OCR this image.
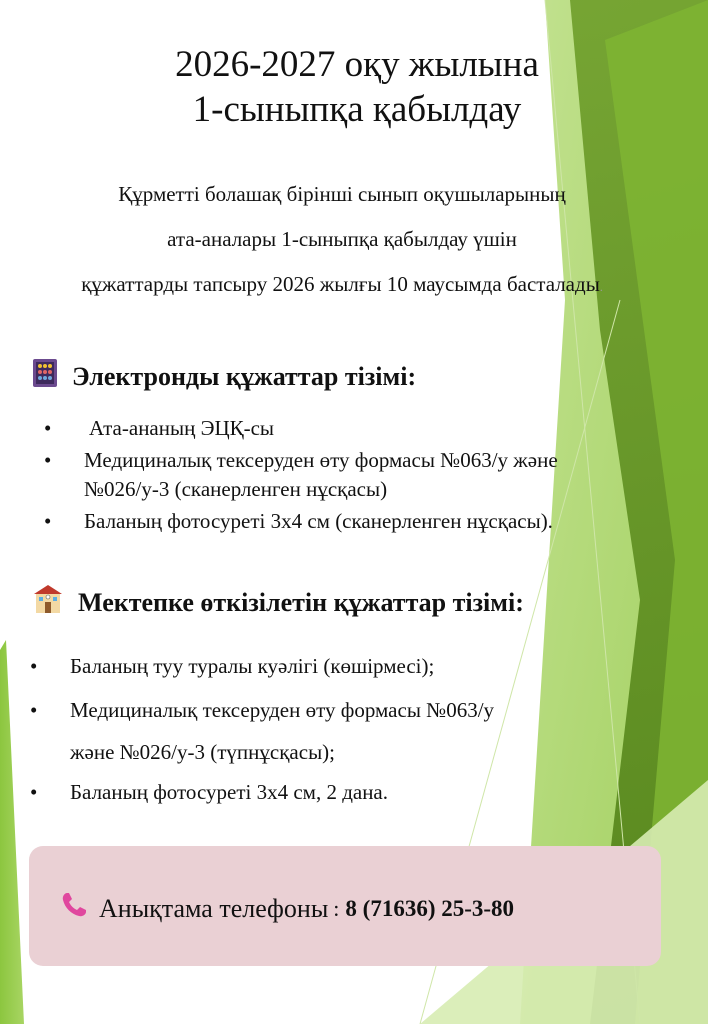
2026-2027 оқу жылына
1-сыныпқа қабылдау
Құрметті болашақ бірінші сынып оқушыларының
ата-аналары 1-сыныпқа қабылдау үшін
құжаттарды тапсыру 2026 жылғы 10 маусымда басталады.
Электронды құжаттар тізімі:
• Ата-ананың ЭЦҚ-сы
• Медициналық тексеруден өту формасы №063/у және
№026/у-3 (сканерленген нұсқасы)
• Баланың фотосуреті 3х4 см (сканерленген нұсқасы).
Мектепке өткізілетін құжаттар тізімі:
• Баланың туу туралы куәлігі (көшірмесі);
• Медициналық тексеруден өту формасы №063/у
және №026/у-3 (түпнұсқасы);
• Баланың фотосуреті 3х4 см, 2 дана.
Анықтама телефоны : 8 (71636) 25-3-80
